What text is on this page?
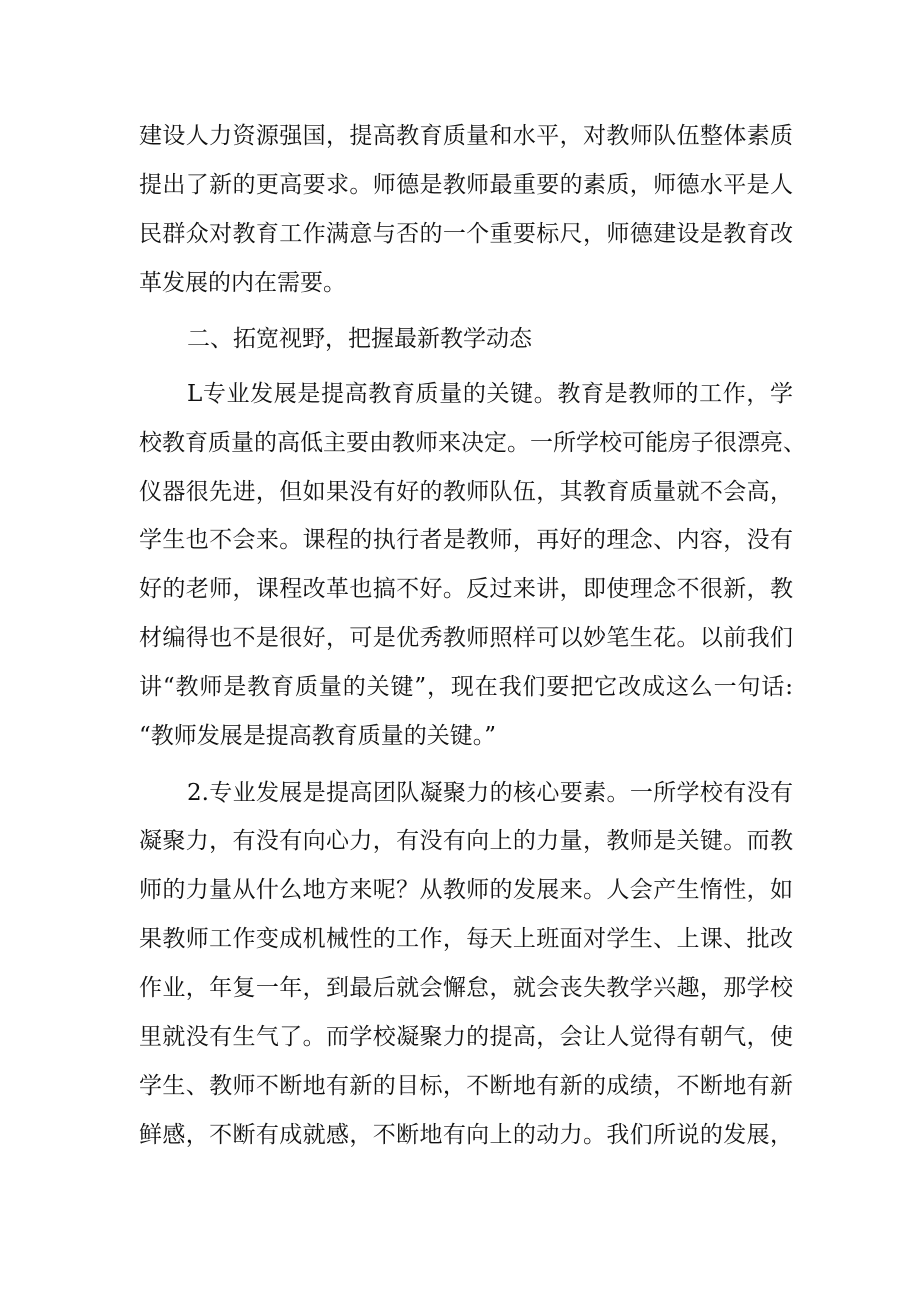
建设人力资源强国，提高教育质量和水平，对教师队伍整体素质
提出了新的更高要求。师德是教师最重要的素质，师德水平是人
民群众对教育工作满意与否的一个重要标尺，师德建设是教育改
革发展的内在需要。
二、拓宽视野，把握最新教学动态
L专业发展是提高教育质量的关键。教育是教师的工作，学
校教育质量的高低主要由教师来决定。一所学校可能房子很漂亮、
仪器很先进，但如果没有好的教师队伍，其教育质量就不会高，
学生也不会来。课程的执行者是教师，再好的理念、内容，没有
好的老师，课程改革也搞不好。反过来讲，即使理念不很新，教
材编得也不是很好，可是优秀教师照样可以妙笔生花。以前我们
讲“教师是教育质量的关键”，现在我们要把它改成这么一句话:
“教师发展是提高教育质量的关键。”
2.专业发展是提高团队凝聚力的核心要素。一所学校有没有
凝聚力，有没有向心力，有没有向上的力量，教师是关键。而教
师的力量从什么地方来呢？从教师的发展来。人会产生惰性，如
果教师工作变成机械性的工作，每天上班面对学生、上课、批改
作业，年复一年，到最后就会懈怠，就会丧失教学兴趣，那学校
里就没有生气了。而学校凝聚力的提高，会让人觉得有朝气，使
学生、教师不断地有新的目标，不断地有新的成绩，不断地有新
鲜感，不断有成就感，不断地有向上的动力。我们所说的发展，
